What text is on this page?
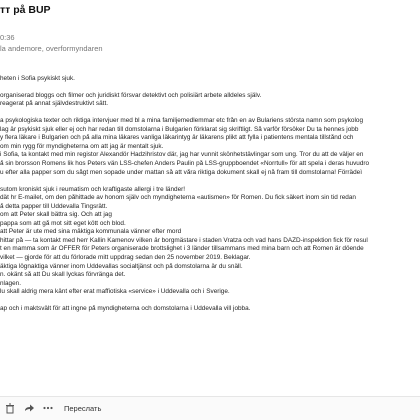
тт på BUP
0:36
la andemore, overformyndaren
heten i Sofia psykiskt sjuk.
organiserad bloggs och filmer och juridiskt försvar detektivt och polisiärt arbete alldeles själv.
reagerat på annat själv​destruktivt sätt.
a psykologiska texter och riktiga intervjuer med bl a mina familjemedlemmar etc från en av Bulariens största namn som psykolog
lag är psykiskt sjuk eller ej och har redan till domstolarna i Bulgarien förklarat sig skriftligt. Så varför försöker Du ta hennes jobb
y flera läkare i Bulgarien och på alla mina läkares vanliga läkarintyg är läkarens plikt att fylla i patientens mentala tillstånd och
om min rygg för myndigheterna om att jag är mentalt sjuk.
i Sofia, ta kontakt med min registor Alexandör Hadzihristov där, jag har vunnit skönhetstävlingar som ung. Tror du att de väljer en
å sin brorsson Romens lik hos Peters vän LSS-chefen Anders Paulin på LSS-gruppboendet «Norrtull» för att spela i deras huvudro
u efter alla papper som du sågt men sopade under mattan så att våra riktiga dokument skall ej nå fram till domstolarna! Förrädeì
sutom kroniskt sjuk i reumatism och kraftigaste allergi i tre länder!
dät hr E-mailet, om den påhittade av honom själv och myndigheterna «autismen» för Romen. Du fick säkert inom sin tid redan
å detta papper till Uddevalla Tingsrätt.
om att Peter skall bättra sig. Och att jag
pappa som att gå mot sitt eget kött och blod.
att Peter är ute med sina mäktiga kommunala vänner efter mord
hittar på — ta kontakt med herr Kallin Kamenov vilken är borgmästare i staden Vratza och vad hans DAZD-inspektion fick för resul
t en mamma som är OFFER för Peters organiserade brottslighet i 3 länder tillsammans med mina barn och att Romen är döende
vilket — gjorde för att du förlorade mitt uppdrag sedan den 25 november 2019. Beklagar.
äktiga lögnaktiga vänner inom Uddevallas socialtjänst och på domstolarna är du snäll.
n. okänt så att Du skall lyckas förvränga det.
nlagen.
lu skall aldrig mera känt efter erat maffiotiska «service» i Uddevalla och i Sverige.
ap och i maktsvält för att ingne på myndigheterna och domstolarna i Uddevalla vill jobba.
Переслать
